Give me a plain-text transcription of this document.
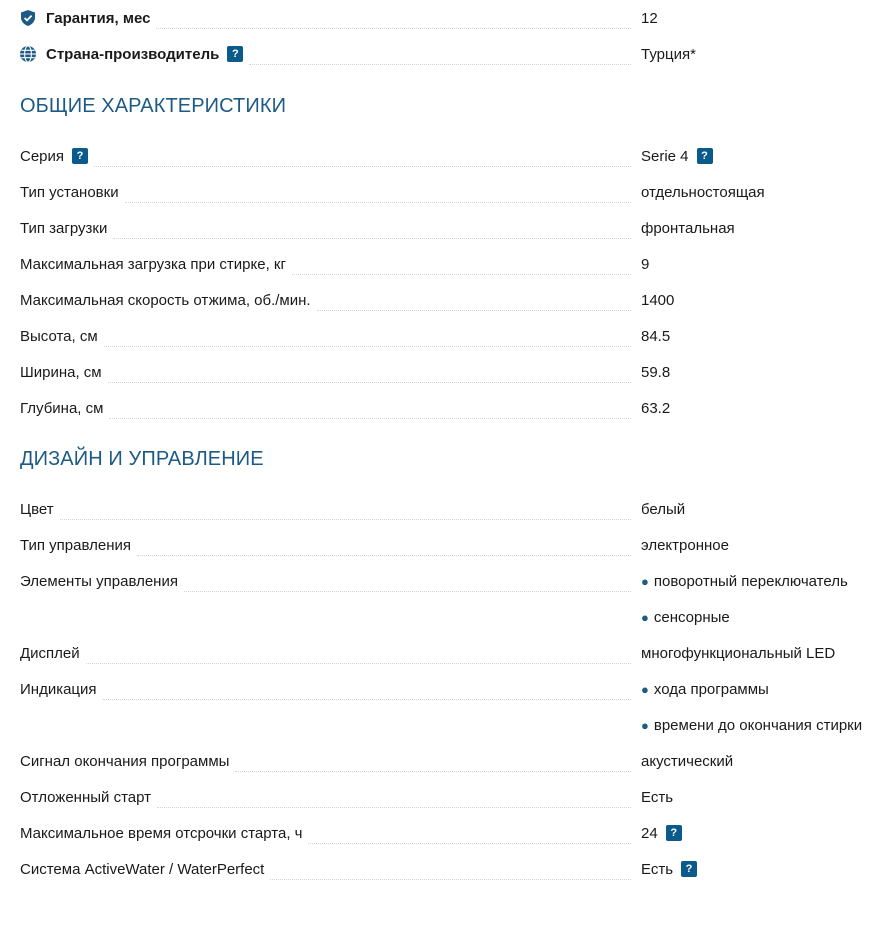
Гарантия, мес	12
Страна-производитель	?	Турция*
ОБЩИЕ ХАРАКТЕРИСТИКИ
Серия	?	Serie 4	?
Тип установки	отдельностоящая
Тип загрузки	фронтальная
Максимальная загрузка при стирке, кг	9
Максимальная скорость отжима, об./мин.	1400
Высота, см	84.5
Ширина, см	59.8
Глубина, см	63.2
ДИЗАЙН И УПРАВЛЕНИЕ
Цвет	белый
Тип управления	электронное
Элементы управления	● поворотный переключатель
● сенсорные
Дисплей	многофункциональный LED
Индикация	● хода программы
● времени до окончания стирки
Сигнал окончания программы	акустический
Отложенный старт	Есть
Максимальное время отсрочки старта, ч	24	?
Система ActiveWater / WaterPerfect	Есть	?
